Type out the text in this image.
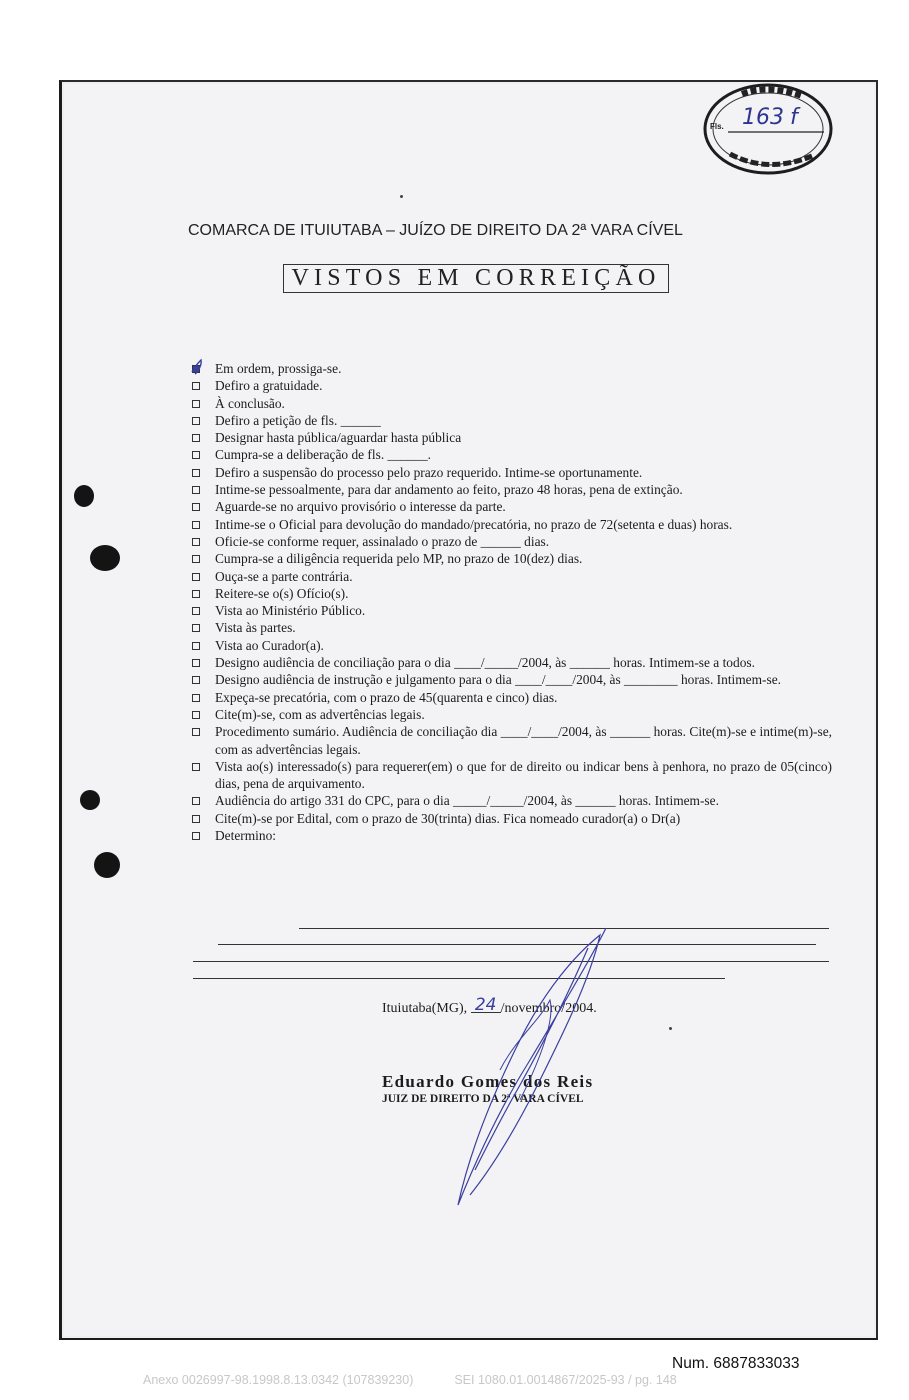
Fls. 163 f
COMARCA DE ITUIUTABA – JUÍZO DE DIREITO DA 2ª VARA CÍVEL
VISTOS EM CORREIÇÃO
Em ordem, prossiga-se.
Defiro a gratuidade.
À conclusão.
Defiro a petição de fls. ______
Designar hasta pública/aguardar hasta pública
Cumpra-se a deliberação de fls. ______.
Defiro a suspensão do processo pelo prazo requerido. Intime-se oportunamente.
Intime-se pessoalmente, para dar andamento ao feito, prazo 48 horas, pena de extinção.
Aguarde-se no arquivo provisório o interesse da parte.
Intime-se o Oficial para devolução do mandado/precatória, no prazo de 72(setenta e duas) horas.
Oficie-se conforme requer, assinalado o prazo de ______ dias.
Cumpra-se a diligência requerida pelo MP, no prazo de 10(dez) dias.
Ouça-se a parte contrária.
Reitere-se o(s) Ofício(s).
Vista ao Ministério Público.
Vista às partes.
Vista ao Curador(a).
Designo audiência de conciliação para o dia ____/_____/2004, às ______ horas. Intimem-se a todos.
Designo audiência de instrução e julgamento para o dia ____/____/2004, às ________ horas. Intimem-se.
Expeça-se precatória, com o prazo de 45(quarenta e cinco) dias.
Cite(m)-se, com as advertências legais.
Procedimento sumário. Audiência de conciliação dia ____/____/2004, às ______ horas. Cite(m)-se e intime(m)-se, com as advertências legais.
Vista ao(s) interessado(s) para requerer(em) o que for de direito ou indicar bens à penhora, no prazo de 05(cinco) dias, pena de arquivamento.
Audiência do artigo 331 do CPC, para o dia _____/_____/2004, às ______ horas. Intimem-se.
Cite(m)-se por Edital, com o prazo de 30(trinta) dias. Fica nomeado curador(a) o Dr(a)
Determino:
Ituiutaba(MG), 24 /novembro/2004.
Eduardo Gomes dos Reis
JUIZ DE DIREITO DA 2ª VARA CÍVEL
Num. 6887833033
Anexo 0026997-98.1998.8.13.0342 (107839230)	SEI 1080.01.0014867/2025-93 / pg. 148
